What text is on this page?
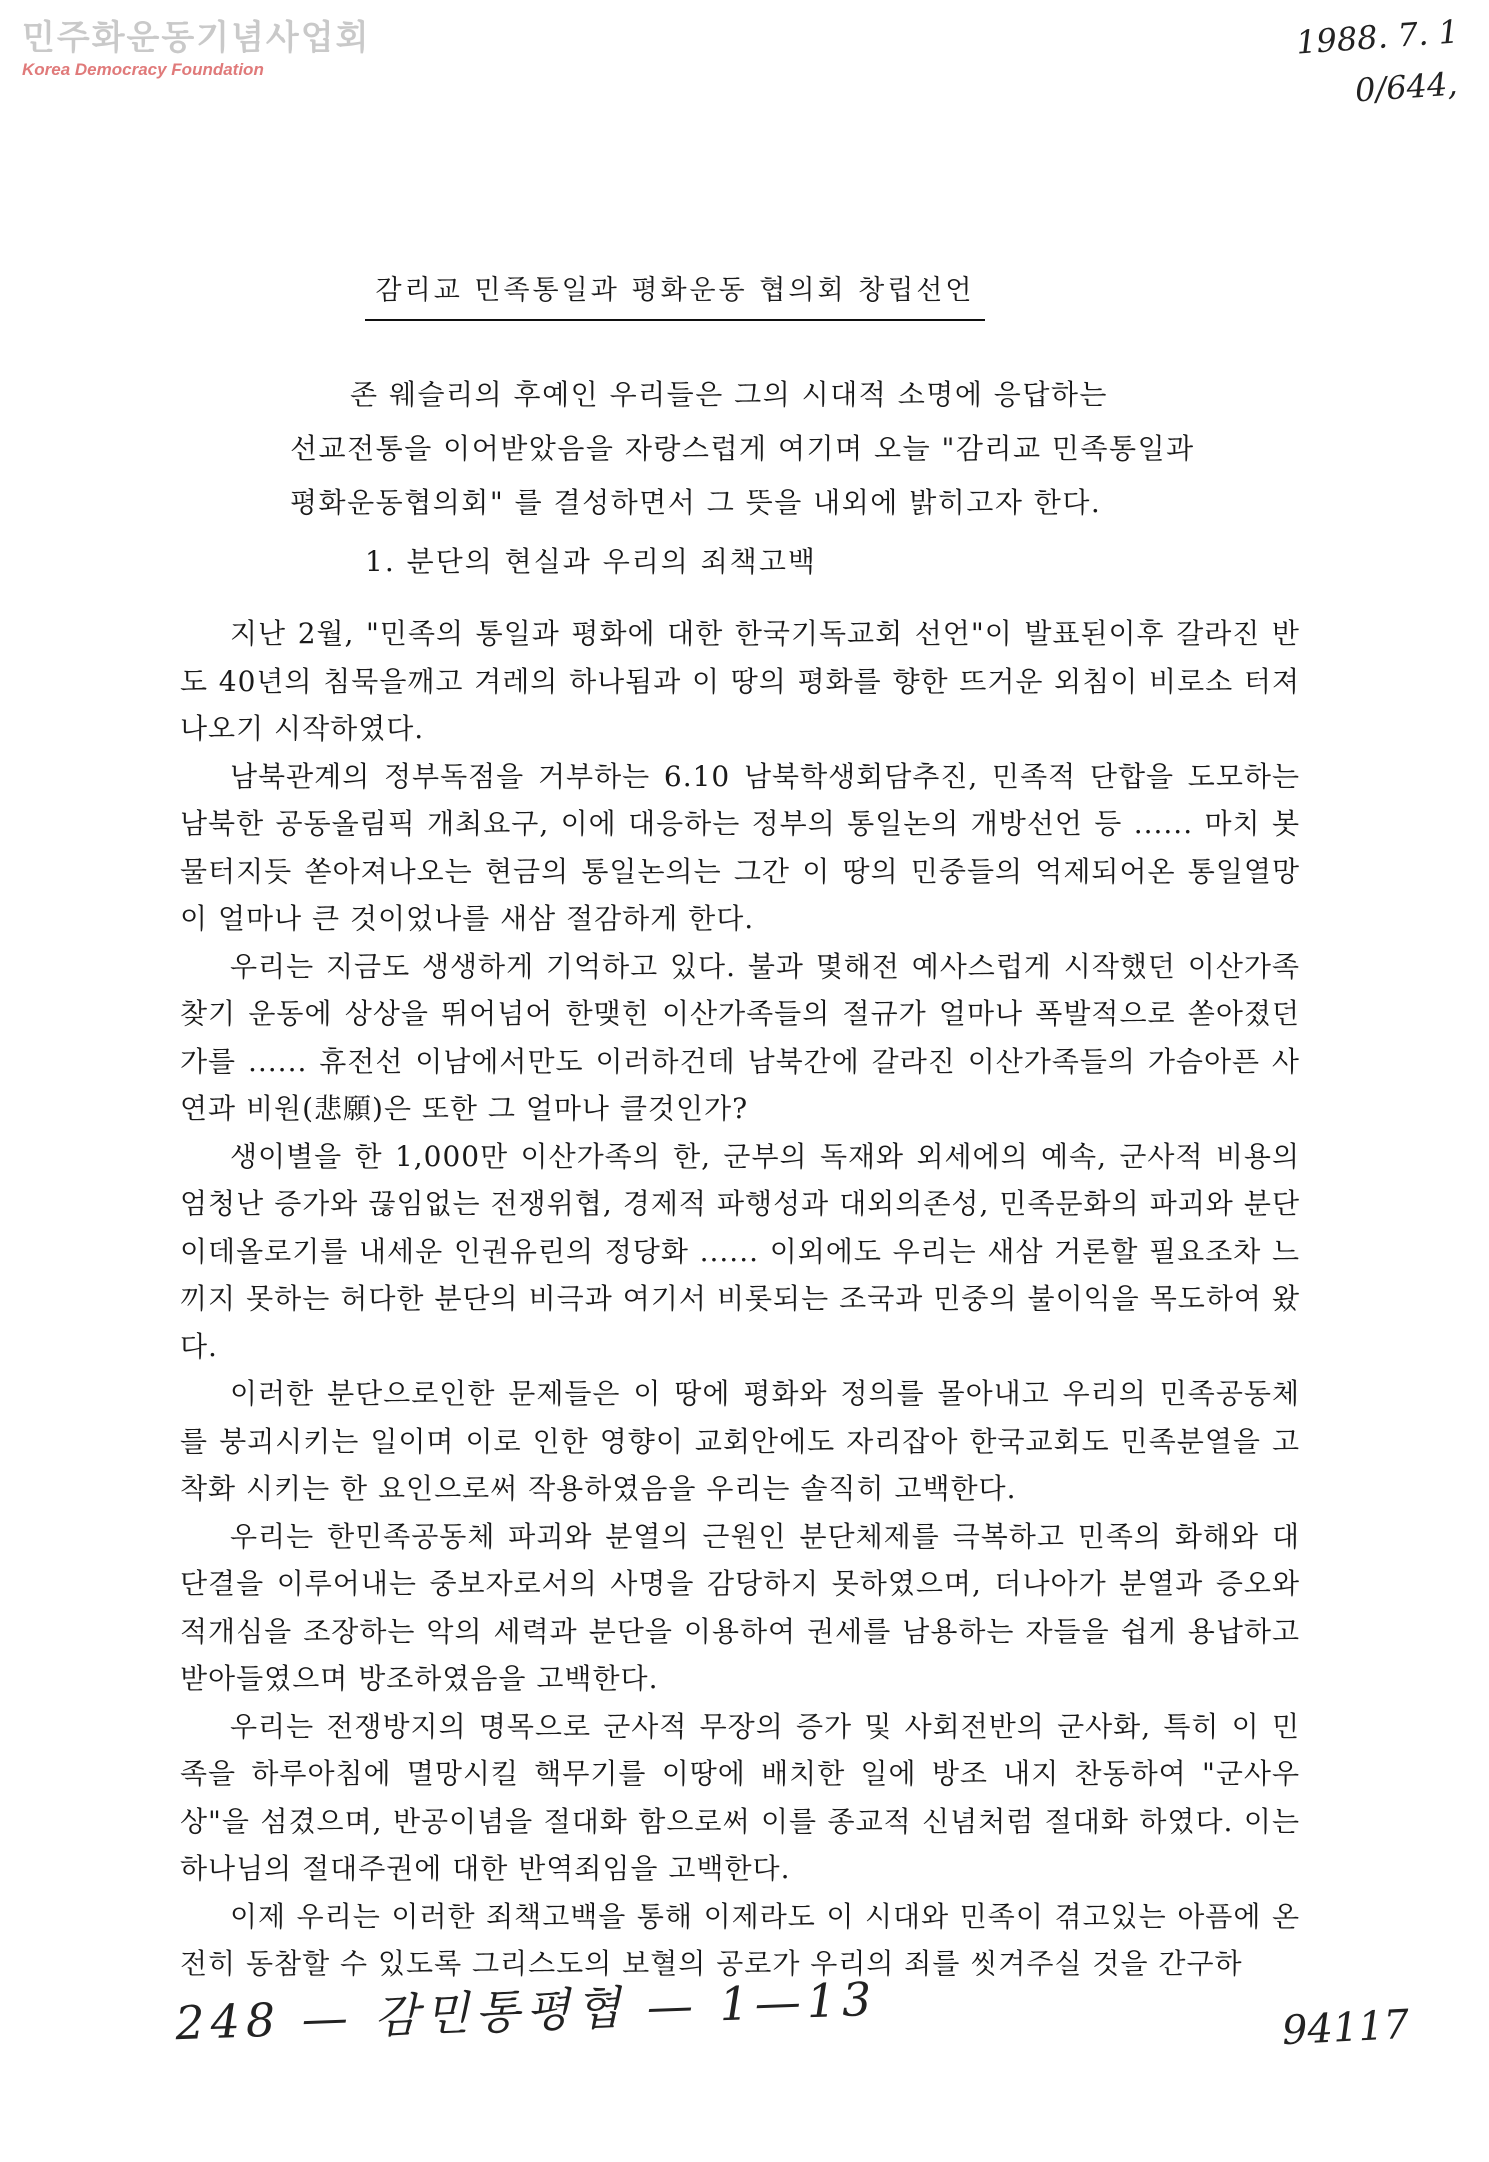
민주화운동기념사업회
Korea Democracy Foundation
1988. 7. 1
0/644,
감리교 민족통일과 평화운동 협의회 창립선언
존 웨슬리의 후예인 우리들은 그의 시대적 소명에 응답하는
선교전통을 이어받았음을 자랑스럽게 여기며 오늘 "감리교 민족통일과
평화운동협의회" 를 결성하면서 그 뜻을 내외에 밝히고자 한다.
1. 분단의 현실과 우리의 죄책고백

지난 2월, "민족의 통일과 평화에 대한 한국기독교회 선언"이 발표된이후 갈라진 반도 40년의 침묵을깨고 겨레의 하나됨과 이 땅의 평화를 향한 뜨거운 외침이 비로소 터져나오기 시작하였다.

남북관계의 정부독점을 거부하는 6.10 남북학생회담추진, 민족적 단합을 도모하는 남북한 공동올림픽 개최요구, 이에 대응하는 정부의 통일논의 개방선언 등 ...... 마치 봇물터지듯 쏟아져나오는 현금의 통일논의는 그간 이 땅의 민중들의 억제되어온 통일열망이 얼마나 큰 것이었나를 새삼 절감하게 한다.

우리는 지금도 생생하게 기억하고 있다. 불과 몇해전 예사스럽게 시작했던 이산가족 찾기 운동에 상상을 뛰어넘어 한맺힌 이산가족들의 절규가 얼마나 폭발적으로 쏟아졌던가를 ...... 휴전선 이남에서만도 이러하건데 남북간에 갈라진 이산가족들의 가슴아픈 사연과 비원(悲願)은 또한 그 얼마나 클것인가?

생이별을 한 1,000만 이산가족의 한, 군부의 독재와 외세에의 예속, 군사적 비용의 엄청난 증가와 끊임없는 전쟁위협, 경제적 파행성과 대외의존성, 민족문화의 파괴와 분단 이데올로기를 내세운 인권유린의 정당화 ...... 이외에도 우리는 새삼 거론할 필요조차 느끼지 못하는 허다한 분단의 비극과 여기서 비롯되는 조국과 민중의 불이익을 목도하여 왔다.

이러한 분단으로인한 문제들은 이 땅에 평화와 정의를 몰아내고 우리의 민족공동체를 붕괴시키는 일이며 이로 인한 영향이 교회안에도 자리잡아 한국교회도 민족분열을 고착화 시키는 한 요인으로써 작용하였음을 우리는 솔직히 고백한다.

우리는 한민족공동체 파괴와 분열의 근원인 분단체제를 극복하고 민족의 화해와 대단결을 이루어내는 중보자로서의 사명을 감당하지 못하였으며, 더나아가 분열과 증오와 적개심을 조장하는 악의 세력과 분단을 이용하여 권세를 남용하는 자들을 쉽게 용납하고 받아들였으며 방조하였음을 고백한다.

우리는 전쟁방지의 명목으로 군사적 무장의 증가 및 사회전반의 군사화, 특히 이 민족을 하루아침에 멸망시킬 핵무기를 이땅에 배치한 일에 방조 내지 찬동하여 "군사우상"을 섬겼으며, 반공이념을 절대화 함으로써 이를 종교적 신념처럼 절대화 하였다. 이는 하나님의 절대주권에 대한 반역죄임을 고백한다.

이제 우리는 이러한 죄책고백을 통해 이제라도 이 시대와 민족이 겪고있는 아픔에 온전히 동참할 수 있도록 그리스도의 보혈의 공로가 우리의 죄를 씻겨주실 것을 간구하

248 — 감민통평협 — 1—13	94117
